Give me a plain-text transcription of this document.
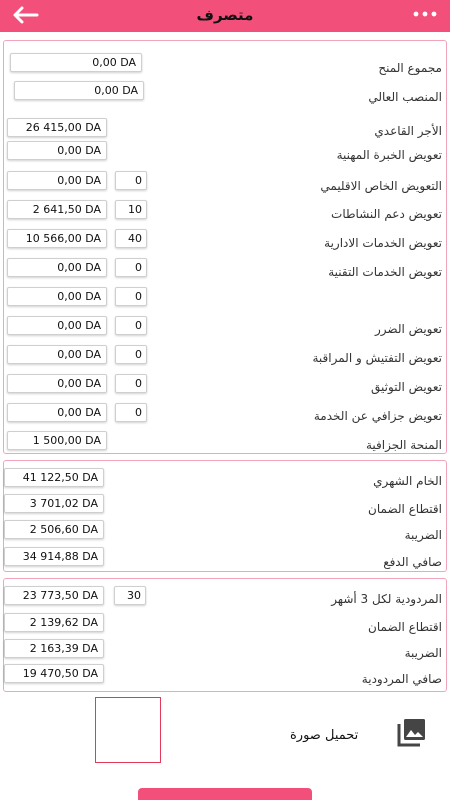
متصرف
0,00 DA	مجموع المنح
0,00 DA	المنصب العالي
26 415,00 DA	الأجر القاعدي
0,00 DA	تعويض الخبرة المهنية
0,00 DA	0	التعويض الخاص الاقليمي
2 641,50 DA	10	تعويض دعم النشاطات
10 566,00 DA	40	تعويض الخدمات الادارية
0,00 DA	0	تعويض الخدمات التقنية
0,00 DA	0
0,00 DA	0	تعويض الضرر
0,00 DA	0	تعويض التفتيش و المراقبة
0,00 DA	0	تعويض التوثيق
0,00 DA	0	تعويض جزافي عن الخدمة
1 500,00 DA	المنحة الجزافية
41 122,50 DA	الخام الشهري
3 701,02 DA	اقتطاع الضمان
2 506,60 DA	الضريبة
34 914,88 DA	صافي الدفع
23 773,50 DA	30	المردودية لكل 3 أشهر
2 139,62 DA	اقتطاع الضمان
2 163,39 DA	الضريبة
19 470,50 DA	صافي المردودية
تحميل صورة
